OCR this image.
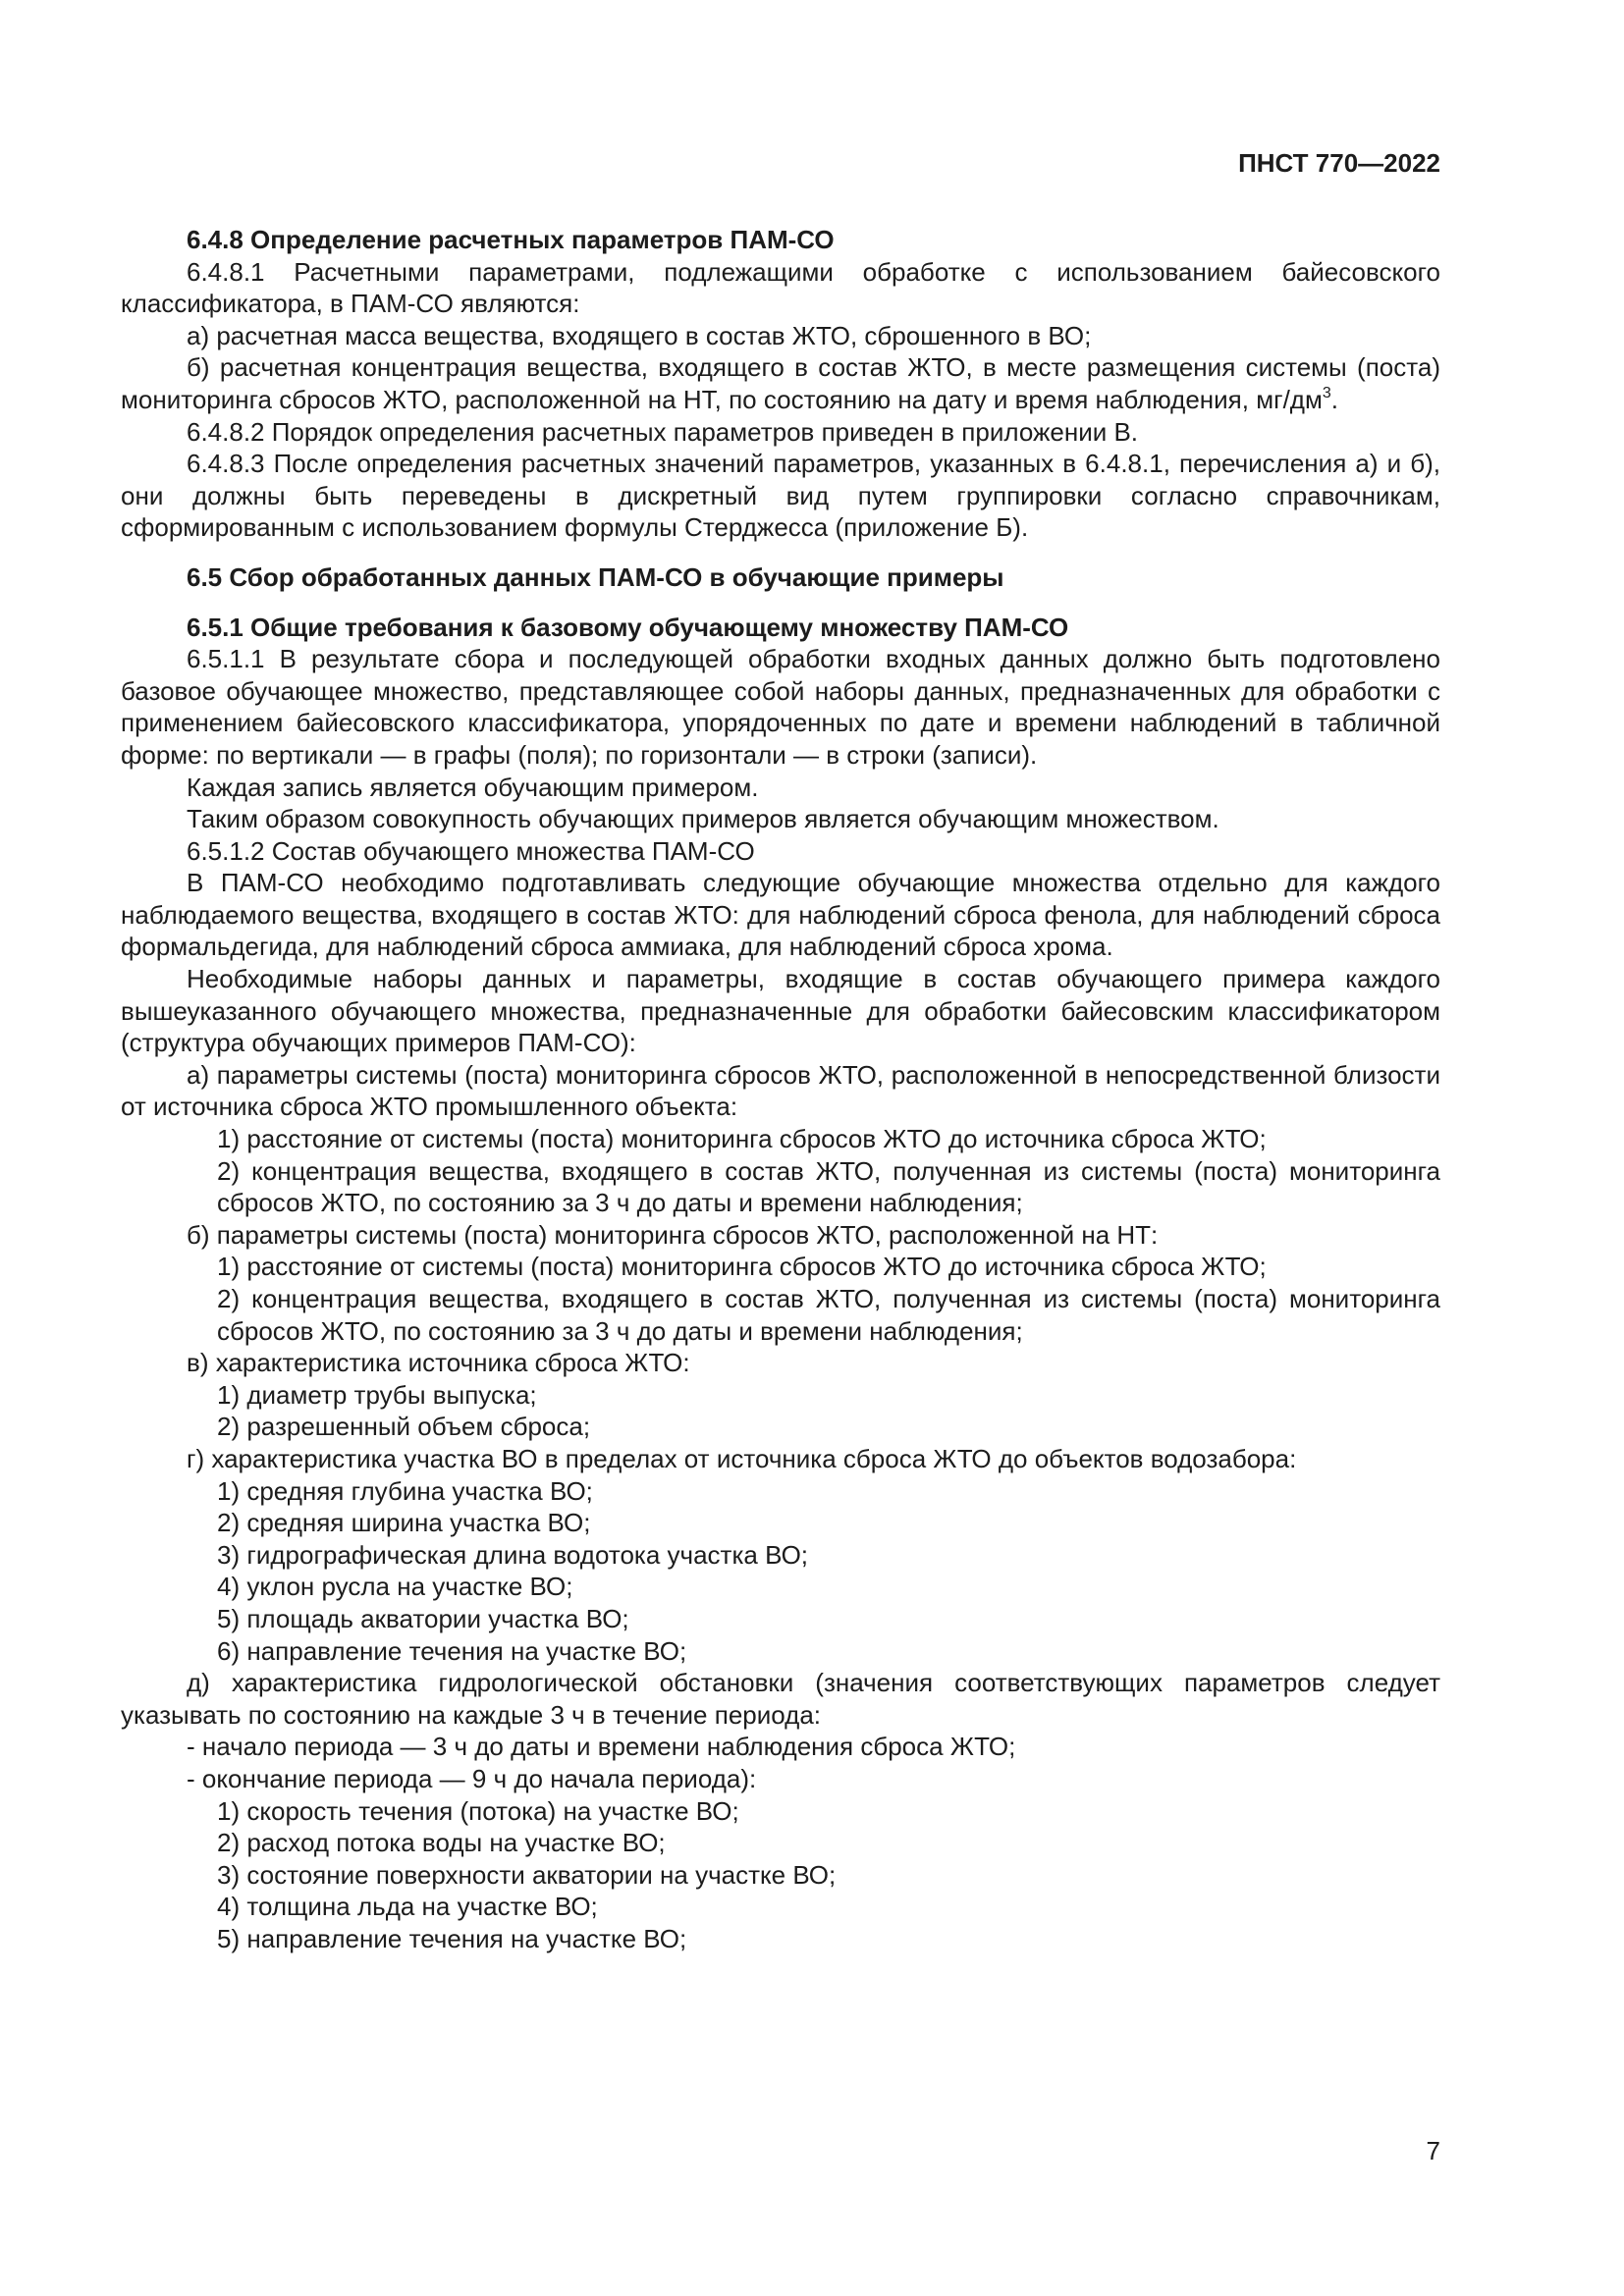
ПНСТ 770—2022

6.4.8 Определение расчетных параметров ПАМ-СО

6.4.8.1 Расчетными параметрами, подлежащими обработке с использованием байесовского классификатора, в ПАМ-СО являются:

а) расчетная масса вещества, входящего в состав ЖТО, сброшенного в ВО;

б) расчетная концентрация вещества, входящего в состав ЖТО, в месте размещения системы (поста) мониторинга сбросов ЖТО, расположенной на НТ, по состоянию на дату и время наблюдения, $мг/дм^3$.

6.4.8.2 Порядок определения расчетных параметров приведен в приложении В.

6.4.8.3 После определения расчетных значений параметров, указанных в 6.4.8.1, перечисления а) и б), они должны быть переведены в дискретный вид путем группировки согласно справочникам, сформированным с использованием формулы Стерджесса (приложение Б).

6.5 Сбор обработанных данных ПАМ-СО в обучающие примеры

6.5.1 Общие требования к базовому обучающему множеству ПАМ-СО

6.5.1.1 В результате сбора и последующей обработки входных данных должно быть подготовлено базовое обучающее множество, представляющее собой наборы данных, предназначенных для обработки с применением байесовского классификатора, упорядоченных по дате и времени наблюдений в табличной форме: по вертикали — в графы (поля); по горизонтали — в строки (записи).

Каждая запись является обучающим примером.

Таким образом совокупность обучающих примеров является обучающим множеством.

6.5.1.2 Состав обучающего множества ПАМ-СО

В ПАМ-СО необходимо подготавливать следующие обучающие множества отдельно для каждого наблюдаемого вещества, входящего в состав ЖТО: для наблюдений сброса фенола, для наблюдений сброса формальдегида, для наблюдений сброса аммиака, для наблюдений сброса хрома.

Необходимые наборы данных и параметры, входящие в состав обучающего примера каждого вышеуказанного обучающего множества, предназначенные для обработки байесовским классификатором (структура обучающих примеров ПАМ-СО):

а) параметры системы (поста) мониторинга сбросов ЖТО, расположенной в непосредственной близости от источника сброса ЖТО промышленного объекта:

1) расстояние от системы (поста) мониторинга сбросов ЖТО до источника сброса ЖТО;

2) концентрация вещества, входящего в состав ЖТО, полученная из системы (поста) мониторинга сбросов ЖТО, по состоянию за 3 ч до даты и времени наблюдения;

б) параметры системы (поста) мониторинга сбросов ЖТО, расположенной на НТ:

1) расстояние от системы (поста) мониторинга сбросов ЖТО до источника сброса ЖТО;

2) концентрация вещества, входящего в состав ЖТО, полученная из системы (поста) мониторинга сбросов ЖТО, по состоянию за 3 ч до даты и времени наблюдения;

в) характеристика источника сброса ЖТО:

1) диаметр трубы выпуска;

2) разрешенный объем сброса;

г) характеристика участка ВО в пределах от источника сброса ЖТО до объектов водозабора:

1) средняя глубина участка ВО;

2) средняя ширина участка ВО;

3) гидрографическая длина водотока участка ВО;

4) уклон русла на участке ВО;

5) площадь акватории участка ВО;

6) направление течения на участке ВО;

д) характеристика гидрологической обстановки (значения соответствующих параметров следует указывать по состоянию на каждые 3 ч в течение периода:

- начало периода — 3 ч до даты и времени наблюдения сброса ЖТО;

- окончание периода — 9 ч до начала периода):

1) скорость течения (потока) на участке ВО;

2) расход потока воды на участке ВО;

3) состояние поверхности акватории на участке ВО;

4) толщина льда на участке ВО;

5) направление течения на участке ВО;

7
